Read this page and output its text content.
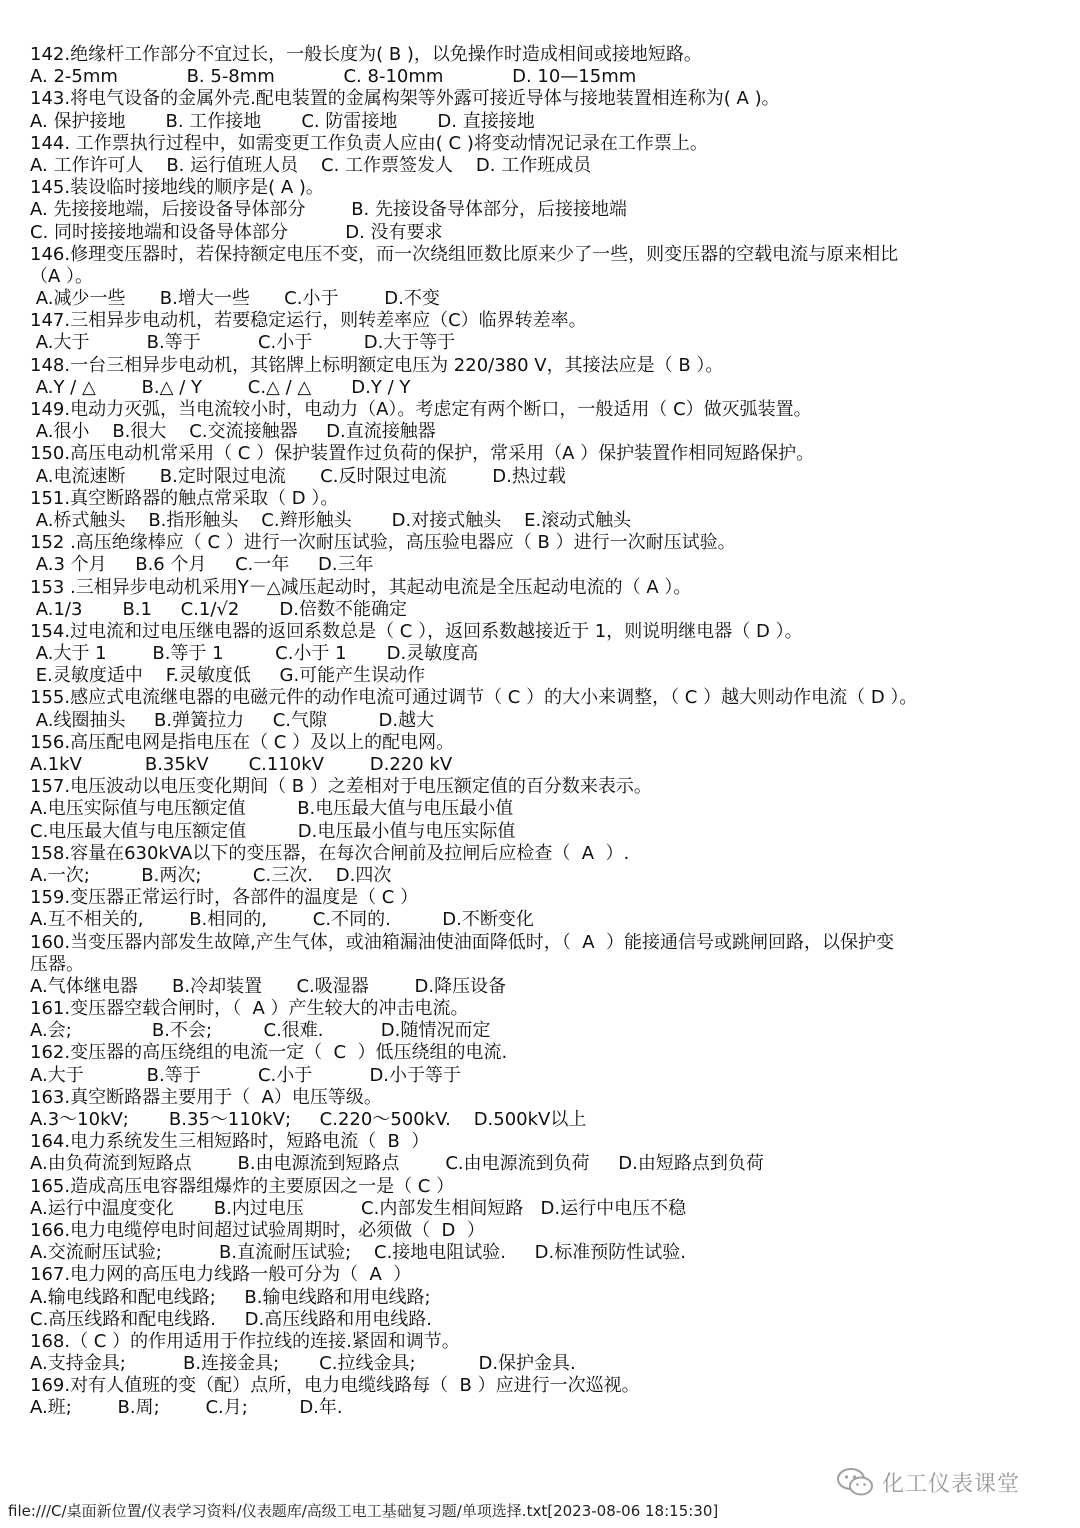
142.绝缘杆工作部分不宜过长，一般长度为( B )，以免操作时造成相间或接地短路。
A. 2-5mm            B. 5-8mm            C. 8-10mm            D. 10—15mm
143.将电气设备的金属外壳.配电装置的金属构架等外露可接近导体与接地装置相连称为( A )。
A. 保护接地       B. 工作接地       C. 防雷接地       D. 直接接地
144. 工作票执行过程中，如需变更工作负责人应由( C )将变动情况记录在工作票上。
A. 工作许可人    B. 运行值班人员    C. 工作票签发人    D. 工作班成员
145.装设临时接地线的顺序是( A )。
A. 先接接地端，后接设备导体部分        B. 先接设备导体部分，后接接地端
C. 同时接接地端和设备导体部分          D. 没有要求
146.修理变压器时，若保持额定电压不变，而一次绕组匝数比原来少了一些，则变压器的空载电流与原来相比
（A ）。
A.减少一些      B.增大一些      C.小于        D.不变
147.三相异步电动机，若要稳定运行，则转差率应（C）临界转差率。
A.大于          B.等于          C.小于         D.大于等于
148.一台三相异步电动机，其铭牌上标明额定电压为 220/380 V，其接法应是（ B ）。
A.Y / △        B.△ / Y        C.△ / △       D.Y / Y
149.电动力灭弧，当电流较小时，电动力（A）。考虑定有两个断口，一般适用（ C）做灭弧装置。
A.很小    B.很大    C.交流接触器     D.直流接触器
150.高压电动机常采用（ C ）保护装置作过负荷的保护，常采用（A ）保护装置作相同短路保护。
A.电流速断      B.定时限过电流      C.反时限过电流        D.热过载
151.真空断路器的触点常采取（ D ）。
A.桥式触头    B.指形触头    C.辫形触头       D.对接式触头    E.滚动式触头
152 .高压绝缘棒应（ C ）进行一次耐压试验，高压验电器应（ B ）进行一次耐压试验。
A.3 个月     B.6 个月     C.一年     D.三年
153 .三相异步电动机采用Y－△减压起动时，其起动电流是全压起动电流的（ A ）。
A.1/3       B.1     C.1/√2       D.倍数不能确定
154.过电流和过电压继电器的返回系数总是（ C ），返回系数越接近于 1，则说明继电器（ D ）。
A.大于 1        B.等于 1         C.小于 1       D.灵敏度高
E.灵敏度适中    F.灵敏度低     G.可能产生误动作
155.感应式电流继电器的电磁元件的动作电流可通过调节（ C ）的大小来调整，（ C ）越大则动作电流（ D ）。
A.线圈抽头     B.弹簧拉力     C.气隙         D.越大
156.高压配电网是指电压在（ C ）及以上的配电网。
A.1kV           B.35kV       C.110kV        D.220 kV
157.电压波动以电压变化期间（ B ）之差相对于电压额定值的百分数来表示。
A.电压实际值与电压额定值         B.电压最大值与电压最小值
C.电压最大值与电压额定值         D.电压最小值与电压实际值
158.容量在630kVA以下的变压器，在每次合闸前及拉闸后应检查（  A  ）.
A.一次;         B.两次;         C.三次.    D.四次
159.变压器正常运行时，各部件的温度是（ C ）
A.互不相关的,        B.相同的,        C.不同的.         D.不断变化
160.当变压器内部发生故障,产生气体，或油箱漏油使油面降低时，（  A  ）能接通信号或跳闸回路，以保护变
压器。
A.气体继电器      B.冷却装置      C.吸湿器        D.降压设备
161.变压器空载合闸时，（  A ）产生较大的冲击电流。
A.会;              B.不会;         C.很难.          D.随情况而定
162.变压器的高压绕组的电流一定（  C  ）低压绕组的电流.
A.大于           B.等于          C.小于          D.小于等于
163.真空断路器主要用于（  A）电压等级。
A.3～10kV;       B.35～110kV;     C.220～500kV.    D.500kV以上
164.电力系统发生三相短路时，短路电流（  B  ）
A.由负荷流到短路点        B.由电源流到短路点        C.由电源流到负荷     D.由短路点到负荷
165.造成高压电容器组爆炸的主要原因之一是（ C ）
A.运行中温度变化       B.内过电压          C.内部发生相间短路   D.运行中电压不稳
166.电力电缆停电时间超过试验周期时，必须做（  D  ）
A.交流耐压试验;          B.直流耐压试验;    C.接地电阻试验.     D.标准预防性试验.
167.电力网的高压电力线路一般可分为（  A  ）
A.输电线路和配电线路;     B.输电线路和用电线路;
C.高压线路和配电线路.     D.高压线路和用电线路.
168.（ C ）的作用适用于作拉线的连接.紧固和调节。
A.支持金具;          B.连接金具;       C.拉线金具;           D.保护金具.
169.对有人值班的变（配）点所，电力电缆线路每（  B ）应进行一次巡视。
A.班;        B.周;        C.月;         D.年.
化工仪表课堂
file:///C/桌面新位置/仪表学习资料/仪表题库/高级工电工基础复习题/单项选择.txt[2023-08-06 18:15:30]
